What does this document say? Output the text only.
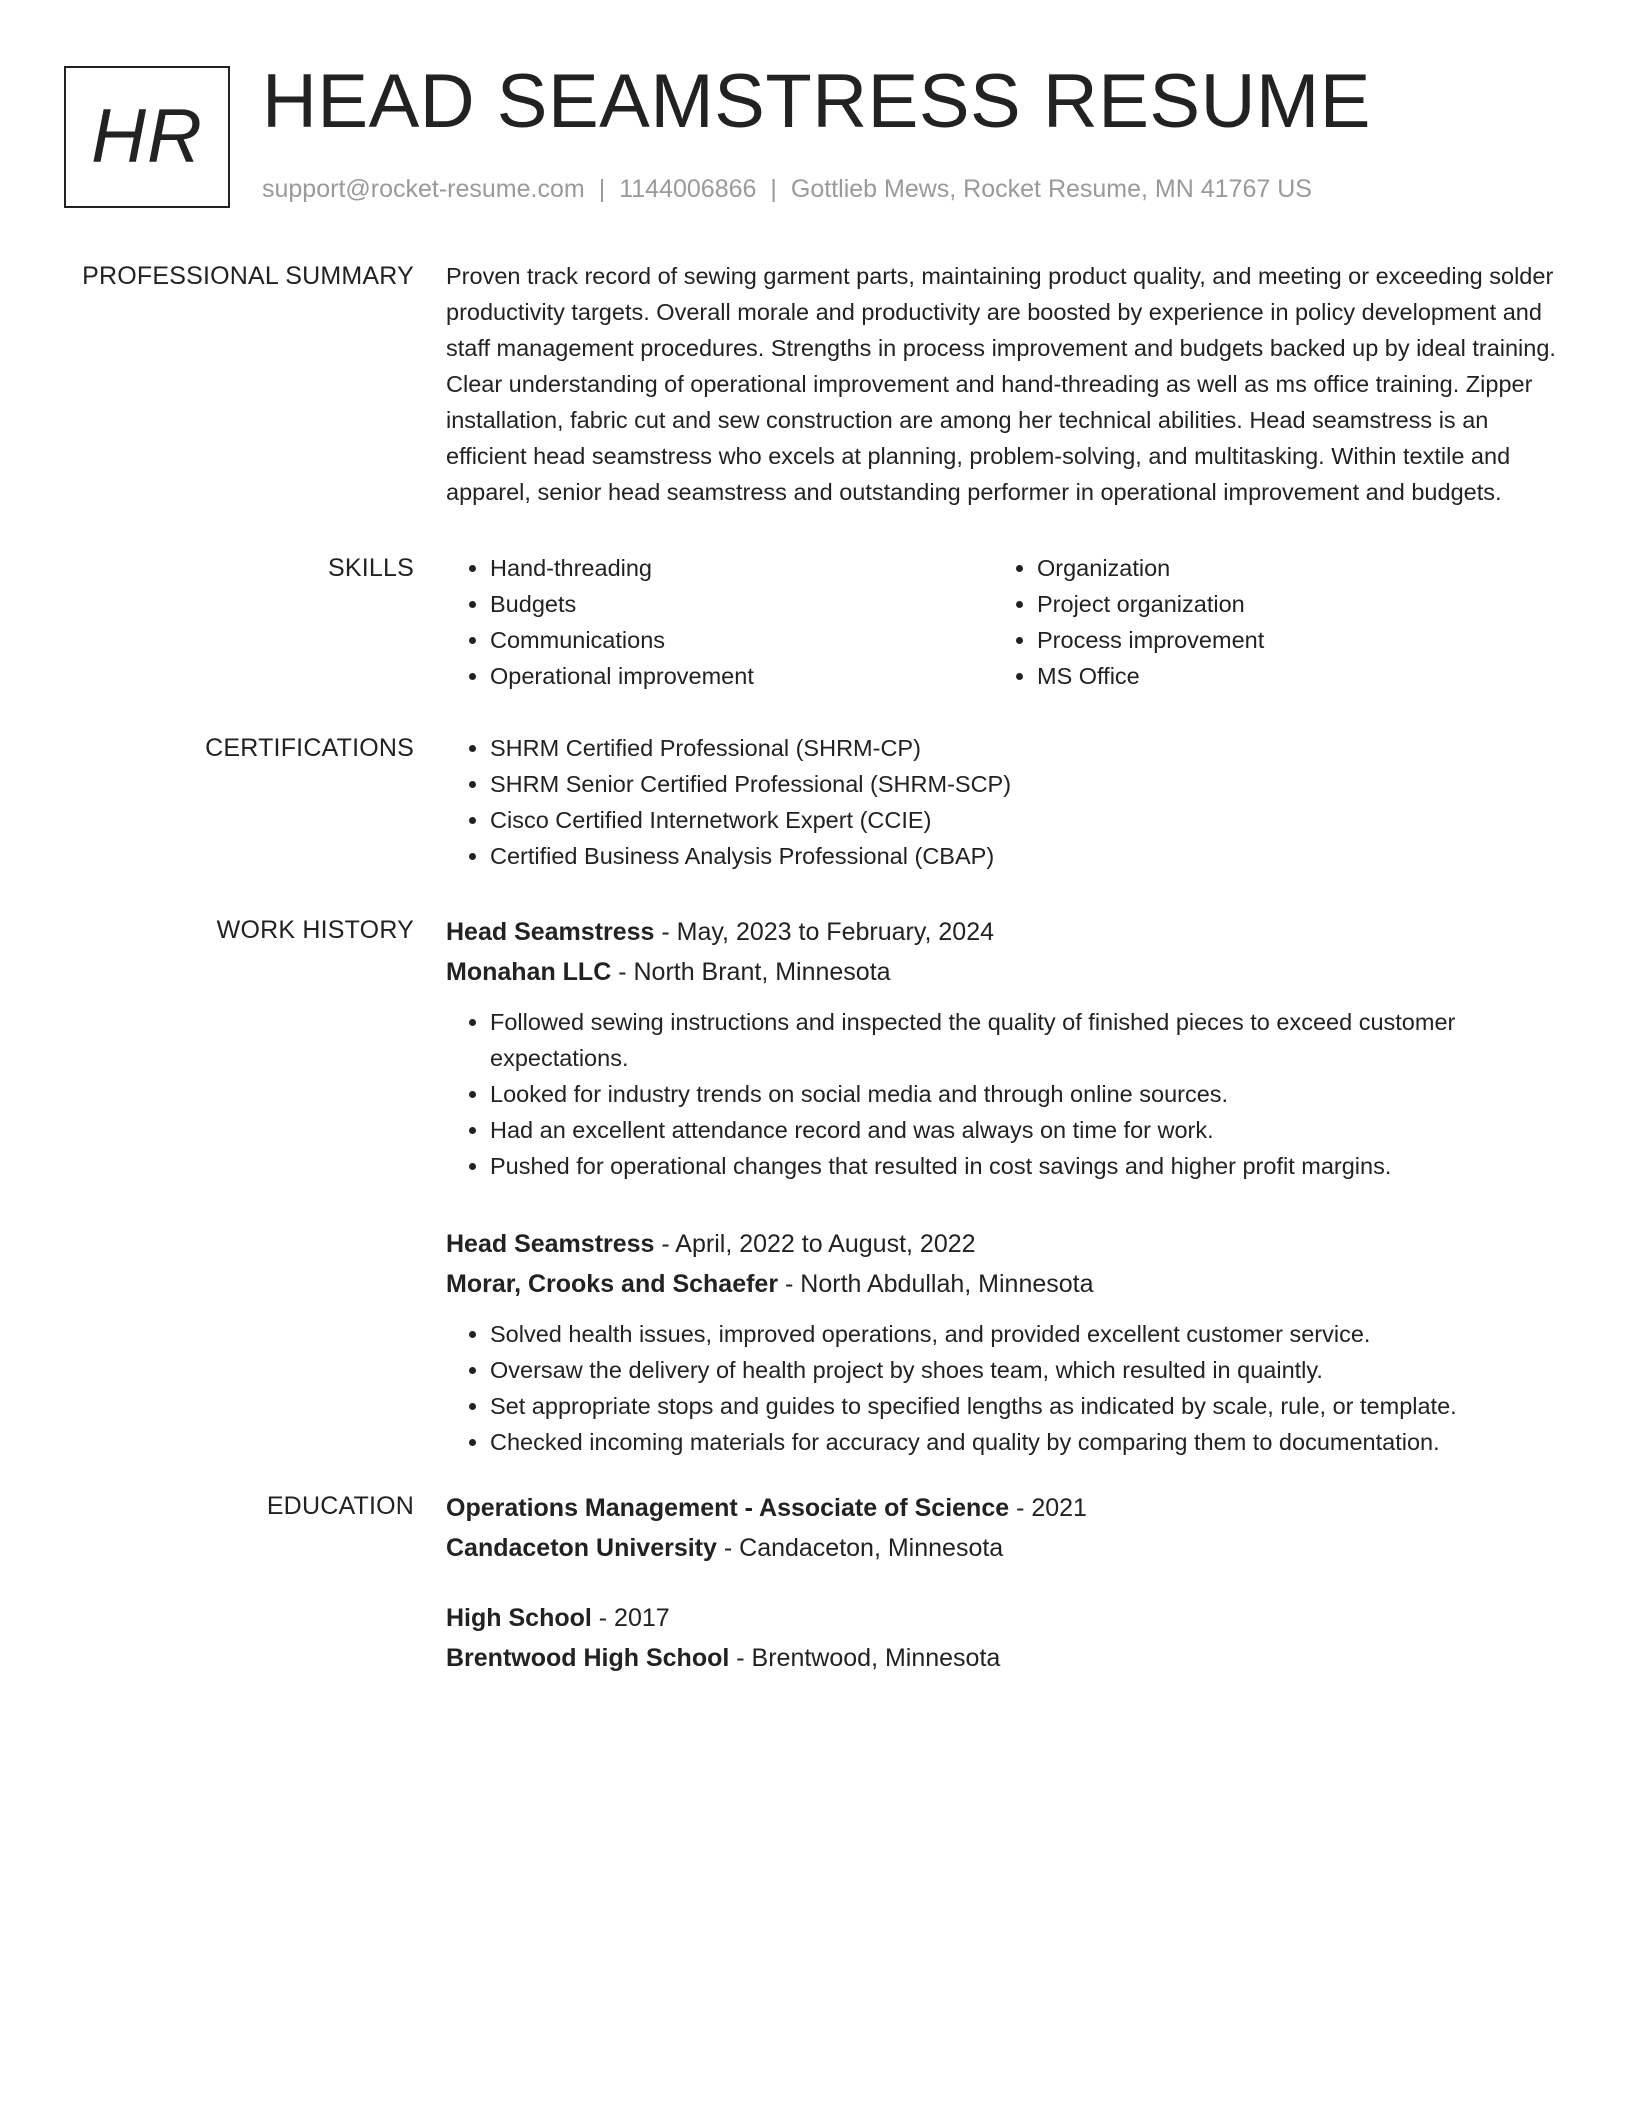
HR HEAD SEAMSTRESS RESUME
support@rocket-resume.com | 1144006866 | Gottlieb Mews, Rocket Resume, MN 41767 US
PROFESSIONAL SUMMARY Proven track record of sewing garment parts, maintaining product quality, and meeting or exceeding solder productivity targets. Overall morale and productivity are boosted by experience in policy development and staff management procedures. Strengths in process improvement and budgets backed up by ideal training. Clear understanding of operational improvement and hand-threading as well as ms office training. Zipper installation, fabric cut and sew construction are among her technical abilities. Head seamstress is an efficient head seamstress who excels at planning, problem-solving, and multitasking. Within textile and apparel, senior head seamstress and outstanding performer in operational improvement and budgets.

SKILLS	• Hand-threading
• Budgets
• Communications
• Operational improvement
• Organization
• Project organization
• Process improvement
• MS Office
CERTIFICATIONS	• SHRM Certified Professional (SHRM-CP)
• SHRM Senior Certified Professional (SHRM-SCP)
• Cisco Certified Internetwork Expert (CCIE)
• Certified Business Analysis Professional (CBAP)
WORK HISTORY Head Seamstress - May, 2023 to February, 2024
Monahan LLC - North Brant, Minnesota
• Followed sewing instructions and inspected the quality of finished pieces to exceed customer expectations.
• Looked for industry trends on social media and through online sources.
• Had an excellent attendance record and was always on time for work.
• Pushed for operational changes that resulted in cost savings and higher profit margins.
Head Seamstress - April, 2022 to August, 2022
Morar, Crooks and Schaefer - North Abdullah, Minnesota
• Solved health issues, improved operations, and provided excellent customer service.
• Oversaw the delivery of health project by shoes team, which resulted in quaintly.
• Set appropriate stops and guides to specified lengths as indicated by scale, rule, or template.
• Checked incoming materials for accuracy and quality by comparing them to documentation.
EDUCATION Operations Management - Associate of Science - 2021
Candaceton University - Candaceton, Minnesota
High School - 2017
Brentwood High School - Brentwood, Minnesota
